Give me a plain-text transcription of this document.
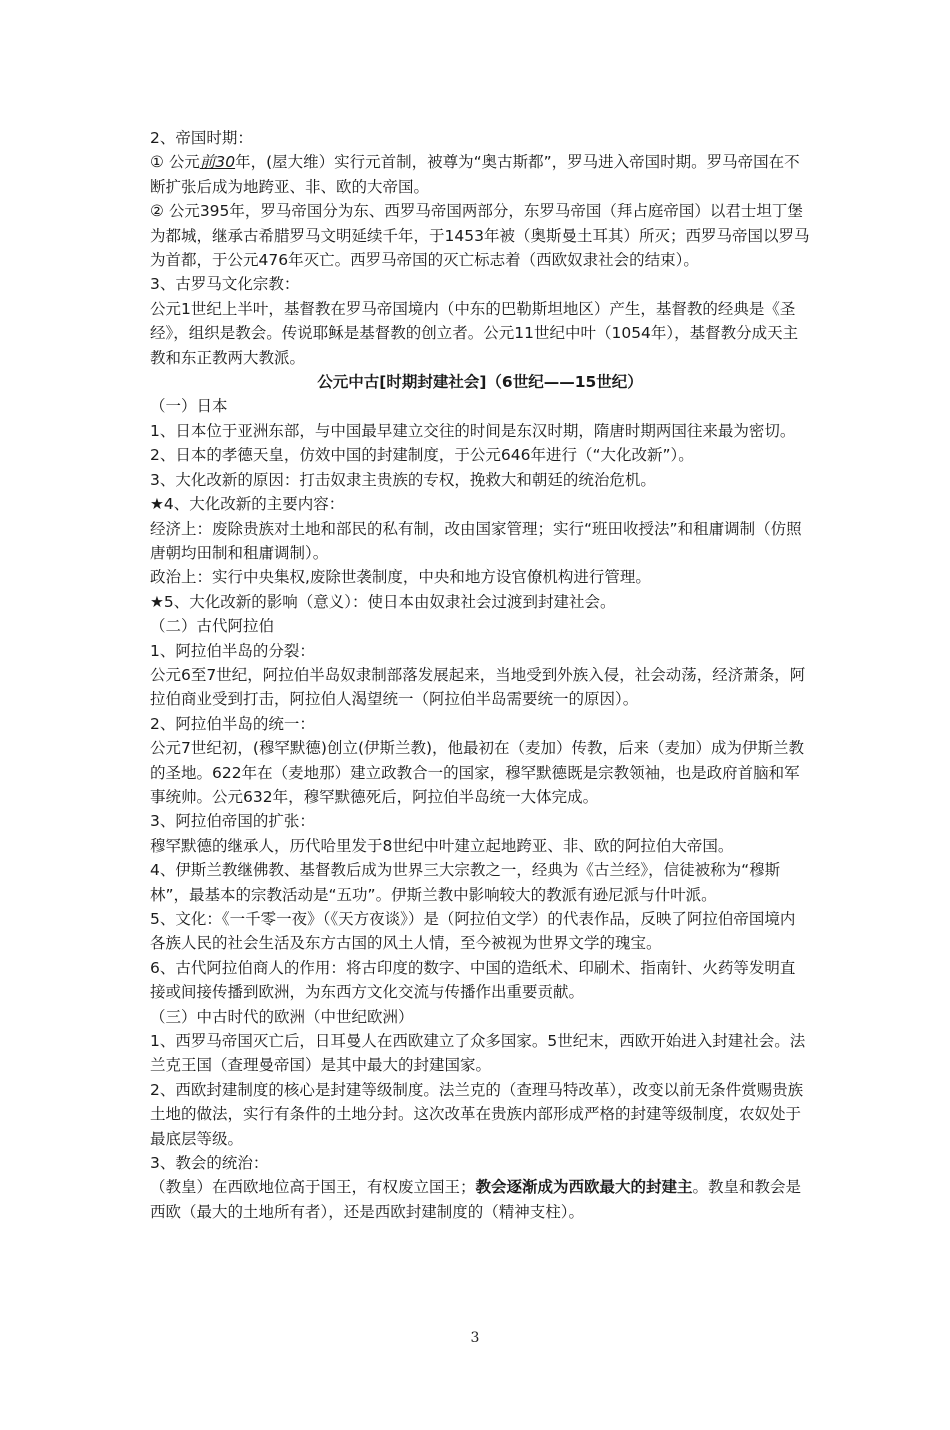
2、帝国时期：

① 公元前30年，(屋大维）实行元首制，被尊为“奥古斯都”，罗马进入帝国时期。罗马帝国在不断扩张后成为地跨亚、非、欧的大帝国。

② 公元395年，罗马帝国分为东、西罗马帝国两部分，东罗马帝国（拜占庭帝国）以君士坦丁堡为都城，继承古希腊罗马文明延续千年，于1453年被（奥斯曼土耳其）所灭；西罗马帝国以罗马为首都，于公元476年灭亡。西罗马帝国的灭亡标志着（西欧奴隶社会的结束）。

3、古罗马文化宗教：

公元1世纪上半叶，基督教在罗马帝国境内（中东的巴勒斯坦地区）产生，基督教的经典是《圣经》，组织是教会。传说耶稣是基督教的创立者。公元11世纪中叶（1054年），基督教分成天主教和东正教两大教派。

公元中古[时期封建社会]（6世纪——15世纪）

（一）日本

1、日本位于亚洲东部，与中国最早建立交往的时间是东汉时期，隋唐时期两国往来最为密切。

2、日本的孝德天皇，仿效中国的封建制度，于公元646年进行（“大化改新”）。

3、大化改新的原因：打击奴隶主贵族的专权，挽救大和朝廷的统治危机。

★4、大化改新的主要内容：

经济上：废除贵族对土地和部民的私有制，改由国家管理；实行“班田收授法”和租庸调制（仿照唐朝均田制和租庸调制）。

政治上：实行中央集权,废除世袭制度，中央和地方设官僚机构进行管理。

★5、大化改新的影响（意义）：使日本由奴隶社会过渡到封建社会。

（二）古代阿拉伯

1、阿拉伯半岛的分裂：

公元6至7世纪，阿拉伯半岛奴隶制部落发展起来，当地受到外族入侵，社会动荡，经济萧条，阿拉伯商业受到打击，阿拉伯人渴望统一（阿拉伯半岛需要统一的原因）。

2、阿拉伯半岛的统一：

公元7世纪初，(穆罕默德)创立(伊斯兰教)，他最初在（麦加）传教，后来（麦加）成为伊斯兰教的圣地。622年在（麦地那）建立政教合一的国家，穆罕默德既是宗教领袖，也是政府首脑和军事统帅。公元632年，穆罕默德死后，阿拉伯半岛统一大体完成。

3、阿拉伯帝国的扩张：

穆罕默德的继承人，历代哈里发于8世纪中叶建立起地跨亚、非、欧的阿拉伯大帝国。

4、伊斯兰教继佛教、基督教后成为世界三大宗教之一，经典为《古兰经》，信徒被称为“穆斯林”，最基本的宗教活动是“五功”。伊斯兰教中影响较大的教派有逊尼派与什叶派。

5、文化：《一千零一夜》（《天方夜谈》）是（阿拉伯文学）的代表作品，反映了阿拉伯帝国境内各族人民的社会生活及东方古国的风土人情，至今被视为世界文学的瑰宝。

6、古代阿拉伯商人的作用：将古印度的数字、中国的造纸术、印刷术、指南针、火药等发明直接或间接传播到欧洲，为东西方文化交流与传播作出重要贡献。

（三）中古时代的欧洲（中世纪欧洲）

1、西罗马帝国灭亡后，日耳曼人在西欧建立了众多国家。5世纪末，西欧开始进入封建社会。法兰克王国（查理曼帝国）是其中最大的封建国家。

2、西欧封建制度的核心是封建等级制度。法兰克的（查理马特改革），改变以前无条件赏赐贵族土地的做法，实行有条件的土地分封。这次改革在贵族内部形成严格的封建等级制度，农奴处于最底层等级。

3、教会的统治：

（教皇）在西欧地位高于国王，有权废立国王；教会逐渐成为西欧最大的封建主。教皇和教会是西欧（最大的土地所有者），还是西欧封建制度的（精神支柱）。

3
